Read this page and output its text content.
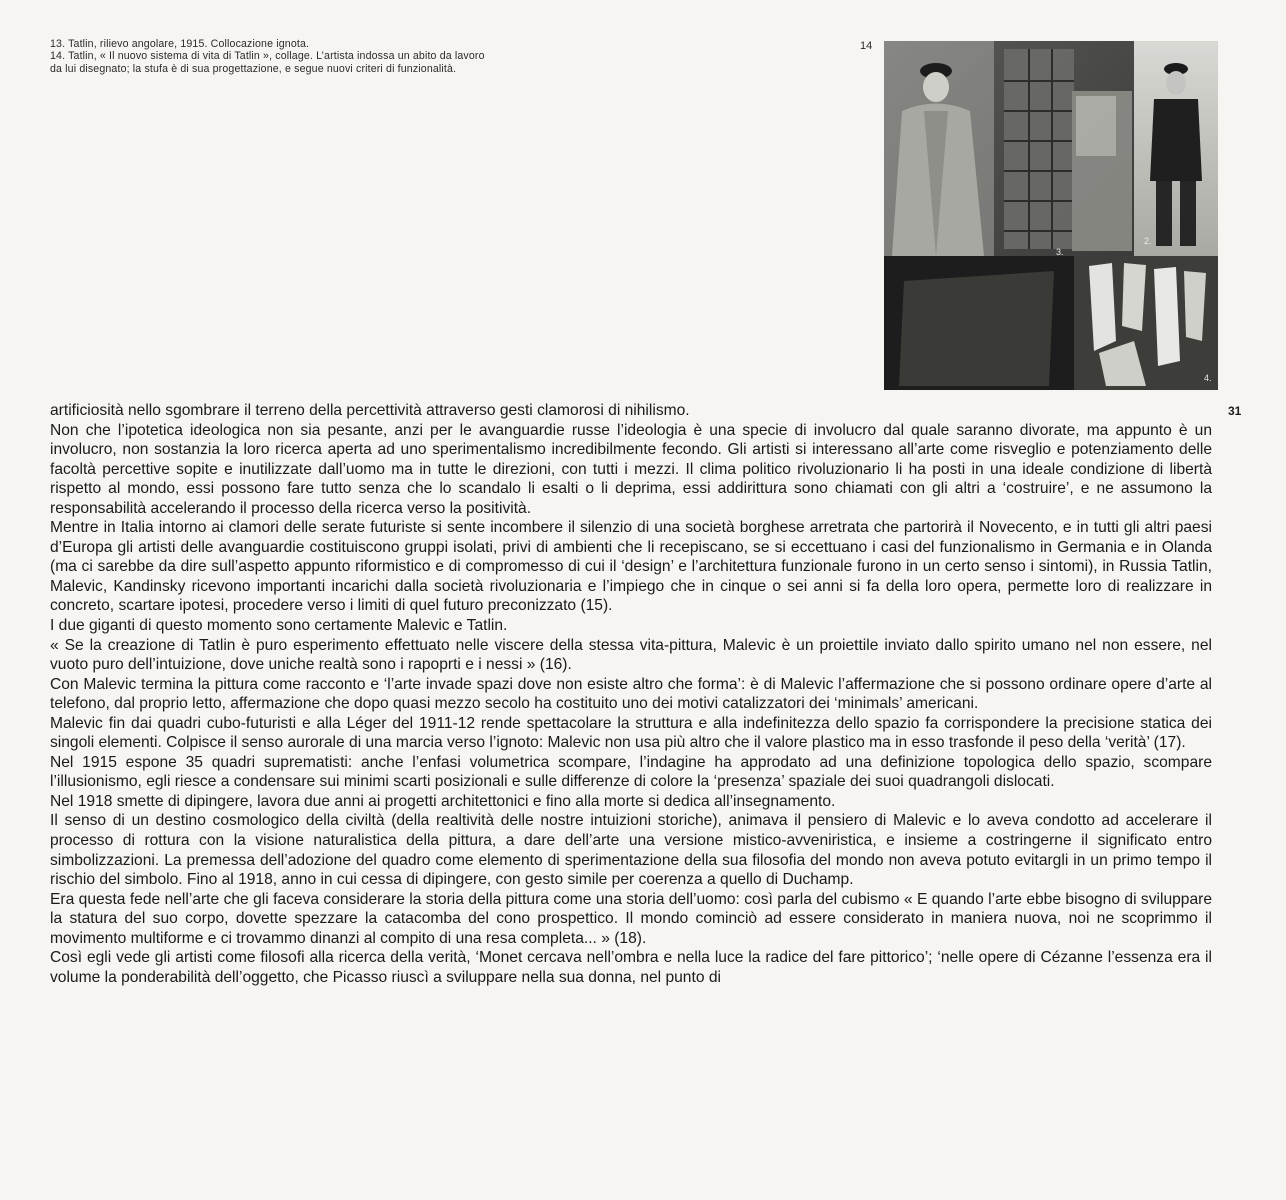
13. Tatlin, rilievo angolare, 1915. Collocazione ignota.
14. Tatlin, « Il nuovo sistema di vita di Tatlin », collage. L’artista indossa un abito da lavoro
da lui disegnato; la stufa è di sua progettazione, e segue nuovi criteri di funzionalità.
14
3.
2.
4.
31

artificiosità nello sgombrare il terreno della percettività attraverso gesti clamorosi di nihilismo.

Non che l’ipotetica ideologica non sia pesante, anzi per le avanguardie russe l’ideologia è una specie di involucro dal quale saranno divorate, ma appunto è un involucro, non sostanzia la loro ricerca aperta ad uno sperimentalismo incredibilmente fecondo. Gli artisti si interessano all’arte come risveglio e potenziamento delle facoltà percettive sopite e inutilizzate dall’uomo ma in tutte le direzioni, con tutti i mezzi. Il clima politico rivoluzionario li ha posti in una ideale condizione di libertà rispetto al mondo, essi possono fare tutto senza che lo scandalo li esalti o li deprima, essi addirittura sono chiamati con gli altri a ‘costruire’, e ne assumono la responsabilità accelerando il processo della ricerca verso la positività.

Mentre in Italia intorno ai clamori delle serate futuriste si sente incombere il silenzio di una società borghese arretrata che partorirà il Novecento, e in tutti gli altri paesi d’Europa gli artisti delle avanguardie costituiscono gruppi isolati, privi di ambienti che li recepiscano, se si eccettuano i casi del funzionalismo in Germania e in Olanda (ma ci sarebbe da dire sull’aspetto appunto riformistico e di compromesso di cui il ‘design’ e l’architettura funzionale furono in un certo senso i sintomi), in Russia Tatlin, Malevic, Kandinsky ricevono importanti incarichi dalla società rivoluzionaria e l’impiego che in cinque o sei anni si fa della loro opera, permette loro di realizzare in concreto, scartare ipotesi, procedere verso i limiti di quel futuro preconizzato (15).

I due giganti di questo momento sono certamente Malevic e Tatlin.

« Se la creazione di Tatlin è puro esperimento effettuato nelle viscere della stessa vita-pittura, Malevic è un proiettile inviato dallo spirito umano nel non essere, nel vuoto puro dell’intuizione, dove uniche realtà sono i rapoprti e i nessi » (16).

Con Malevic termina la pittura come racconto e ‘l’arte invade spazi dove non esiste altro che forma’: è di Malevic l’affermazione che si possono ordinare opere d’arte al telefono, dal proprio letto, affermazione che dopo quasi mezzo secolo ha costituito uno dei motivi catalizzatori dei ‘minimals’ americani.

Malevic fin dai quadri cubo-futuristi e alla Léger del 1911-12 rende spettacolare la struttura e alla indefinitezza dello spazio fa corrispondere la precisione statica dei singoli elementi. Colpisce il senso aurorale di una marcia verso l’ignoto: Malevic non usa più altro che il valore plastico ma in esso trasfonde il peso della ‘verità’ (17).

Nel 1915 espone 35 quadri suprematisti: anche l’enfasi volumetrica scompare, l’indagine ha approdato ad una definizione topologica dello spazio, scompare l’illusionismo, egli riesce a condensare sui minimi scarti posizionali e sulle differenze di colore la ‘presenza’ spaziale dei suoi quadrangoli dislocati.

Nel 1918 smette di dipingere, lavora due anni ai progetti architettonici e fino alla morte si dedica all’insegnamento.

Il senso di un destino cosmologico della civiltà (della realtività delle nostre intuizioni storiche), animava il pensiero di Malevic e lo aveva condotto ad accelerare il processo di rottura con la visione naturalistica della pittura, a dare dell’arte una versione mistico-avveniristica, e insieme a costringerne il significato entro simbolizzazioni. La premessa dell’adozione del quadro come elemento di sperimentazione della sua filosofia del mondo non aveva potuto evitargli in un primo tempo il rischio del simbolo. Fino al 1918, anno in cui cessa di dipingere, con gesto simile per coerenza a quello di Duchamp.

Era questa fede nell’arte che gli faceva considerare la storia della pittura come una storia dell’uomo: così parla del cubismo « E quando l’arte ebbe bisogno di sviluppare la statura del suo corpo, dovette spezzare la catacomba del cono prospettico. Il mondo cominciò ad essere considerato in maniera nuova, noi ne scoprimmo il movimento multiforme e ci trovammo dinanzi al compito di una resa completa... » (18).

Così egli vede gli artisti come filosofi alla ricerca della verità, ‘Monet cercava nell’ombra e nella luce la radice del fare pittorico’; ‘nelle opere di Cézanne l’essenza era il volume la ponderabilità dell’oggetto, che Picasso riuscì a sviluppare nella sua donna, nel punto di
